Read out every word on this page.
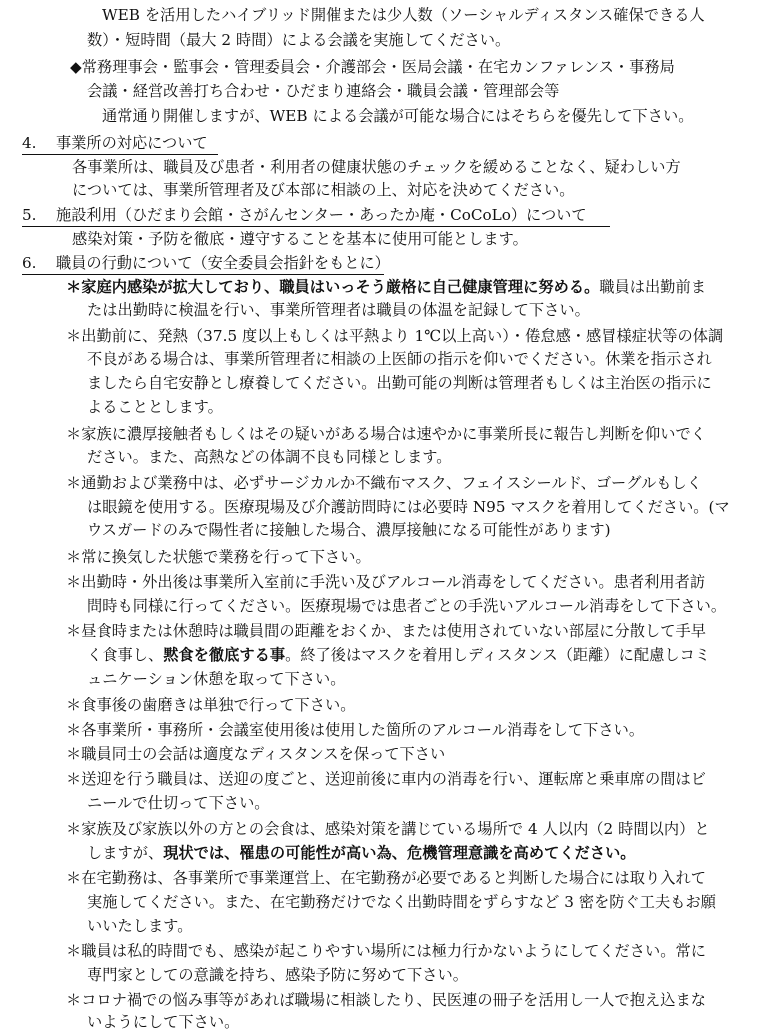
WEB を活用したハイブリッド開催または少人数（ソーシャルディスタンス確保できる人
数）・短時間（最大 2 時間）による会議を実施してください。
◆常務理事会・監事会・管理委員会・介護部会・医局会議・在宅カンファレンス・事務局
会議・経営改善打ち合わせ・ひだまり連絡会・職員会議・管理部会等
通常通り開催しますが、WEB による会議が可能な場合にはそちらを優先して下さい。
4. 事業所の対応について
各事業所は、職員及び患者・利用者の健康状態のチェックを緩めることなく、疑わしい方
については、事業所管理者及び本部に相談の上、対応を決めてください。
5. 施設利用（ひだまり会館・さがんセンター・あったか庵・CoCoLo）について
感染対策・予防を徹底・遵守することを基本に使用可能とします。
6. 職員の行動について（安全委員会指針をもとに）
＊家庭内感染が拡大しており、職員はいっそう厳格に自己健康管理に努める。職員は出勤前ま
たは出勤時に検温を行い、事業所管理者は職員の体温を記録して下さい。
＊出勤前に、発熱（37.5 度以上もしくは平熱より 1℃以上高い）・倦怠感・感冒様症状等の体調
不良がある場合は、事業所管理者に相談の上医師の指示を仰いでください。休業を指示され
ましたら自宅安静とし療養してください。出勤可能の判断は管理者もしくは主治医の指示に
よることとします。
＊家族に濃厚接触者もしくはその疑いがある場合は速やかに事業所長に報告し判断を仰いでく
ださい。また、高熱などの体調不良も同様とします。
＊通勤および業務中は、必ずサージカルか不織布マスク、フェイスシールド、ゴーグルもしく
は眼鏡を使用する。医療現場及び介護訪問時には必要時 N95 マスクを着用してください。(マ
ウスガードのみで陽性者に接触した場合、濃厚接触になる可能性があります)
＊常に換気した状態で業務を行って下さい。
＊出勤時・外出後は事業所入室前に手洗い及びアルコール消毒をしてください。患者利用者訪
問時も同様に行ってください。医療現場では患者ごとの手洗いアルコール消毒をして下さい。
＊昼食時または休憩時は職員間の距離をおくか、または使用されていない部屋に分散して手早
く食事し、黙食を徹底する事。終了後はマスクを着用しディスタンス（距離）に配慮しコミ
ュニケーション休憩を取って下さい。
＊食事後の歯磨きは単独で行って下さい。
＊各事業所・事務所・会議室使用後は使用した箇所のアルコール消毒をして下さい。
＊職員同士の会話は適度なディスタンスを保って下さい
＊送迎を行う職員は、送迎の度ごと、送迎前後に車内の消毒を行い、運転席と乗車席の間はビ
ニールで仕切って下さい。
＊家族及び家族以外の方との会食は、感染対策を講じている場所で 4 人以内（2 時間以内）と
しますが、現状では、罹患の可能性が高い為、危機管理意識を高めてください。
＊在宅勤務は、各事業所で事業運営上、在宅勤務が必要であると判断した場合には取り入れて
実施してください。また、在宅勤務だけでなく出勤時間をずらすなど 3 密を防ぐ工夫もお願
いいたします。
＊職員は私的時間でも、感染が起こりやすい場所には極力行かないようにしてください。常に
専門家としての意識を持ち、感染予防に努めて下さい。
＊コロナ禍での悩み事等があれば職場に相談したり、民医連の冊子を活用し一人で抱え込まな
いようにして下さい。
